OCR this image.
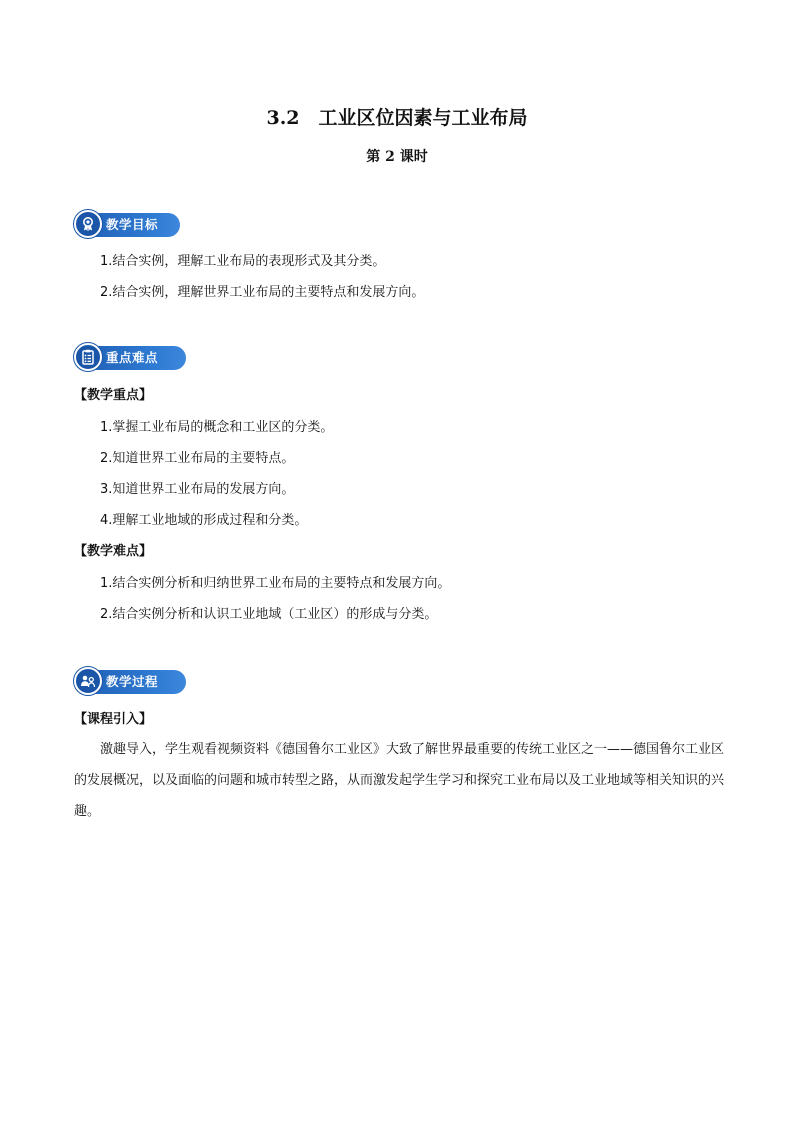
3.2　工业区位因素与工业布局
第 2 课时
教学目标
1.结合实例，理解工业布局的表现形式及其分类。
2.结合实例，理解世界工业布局的主要特点和发展方向。
重点难点
【教学重点】
1.掌握工业布局的概念和工业区的分类。
2.知道世界工业布局的主要特点。
3.知道世界工业布局的发展方向。
4.理解工业地域的形成过程和分类。
【教学难点】
1.结合实例分析和归纳世界工业布局的主要特点和发展方向。
2.结合实例分析和认识工业地域（工业区）的形成与分类。
教学过程
【课程引入】
激趣导入，学生观看视频资料《德国鲁尔工业区》大致了解世界最重要的传统工业区之一——德国鲁尔工业区的发展概况，以及面临的问题和城市转型之路，从而激发起学生学习和探究工业布局以及工业地域等相关知识的兴趣。
